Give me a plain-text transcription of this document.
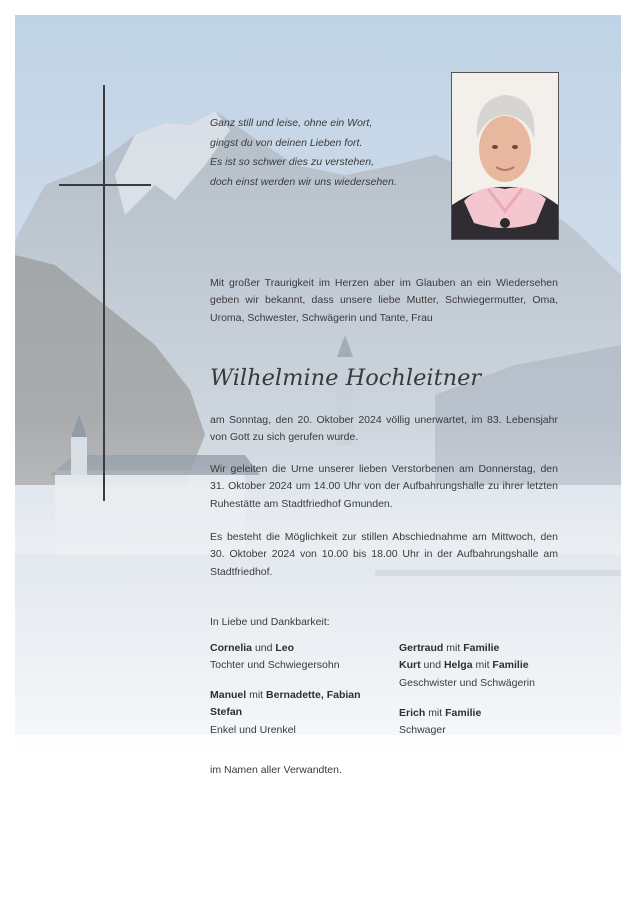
Ganz still und leise, ohne ein Wort,
gingst du von deinen Lieben fort.
Es ist so schwer dies zu verstehen,
doch einst werden wir uns wiedersehen.

Mit großer Traurigkeit im Herzen aber im Glauben an ein Wiedersehen geben wir bekannt, dass unsere liebe Mutter, Schwiegermutter, Oma, Uroma, Schwester, Schwägerin und Tante, Frau

Wilhelmine Hochleitner

am Sonntag, den 20. Oktober 2024 völlig unerwartet, im 83. Lebensjahr von Gott zu sich gerufen wurde.

Wir geleiten die Urne unserer lieben Verstorbenen am Donnerstag, den 31. Oktober 2024 um 14.00 Uhr von der Aufbahrungshalle zu ihrer letzten Ruhestätte am Stadtfriedhof Gmunden.

Es besteht die Möglichkeit zur stillen Abschiednahme am Mittwoch, den 30. Oktober 2024 von 10.00 bis 18.00 Uhr in der Aufbahrungshalle am Stadtfriedhof.

In Liebe und Dankbarkeit:

Cornelia und Leo
Tochter und Schwiegersohn
Manuel mit Bernadette, Fabian
Stefan
Enkel und Urenkel
Gertraud mit Familie
Kurt und Helga mit Familie
Geschwister und Schwägerin
Erich mit Familie
Schwager
im Namen aller Verwandten.
